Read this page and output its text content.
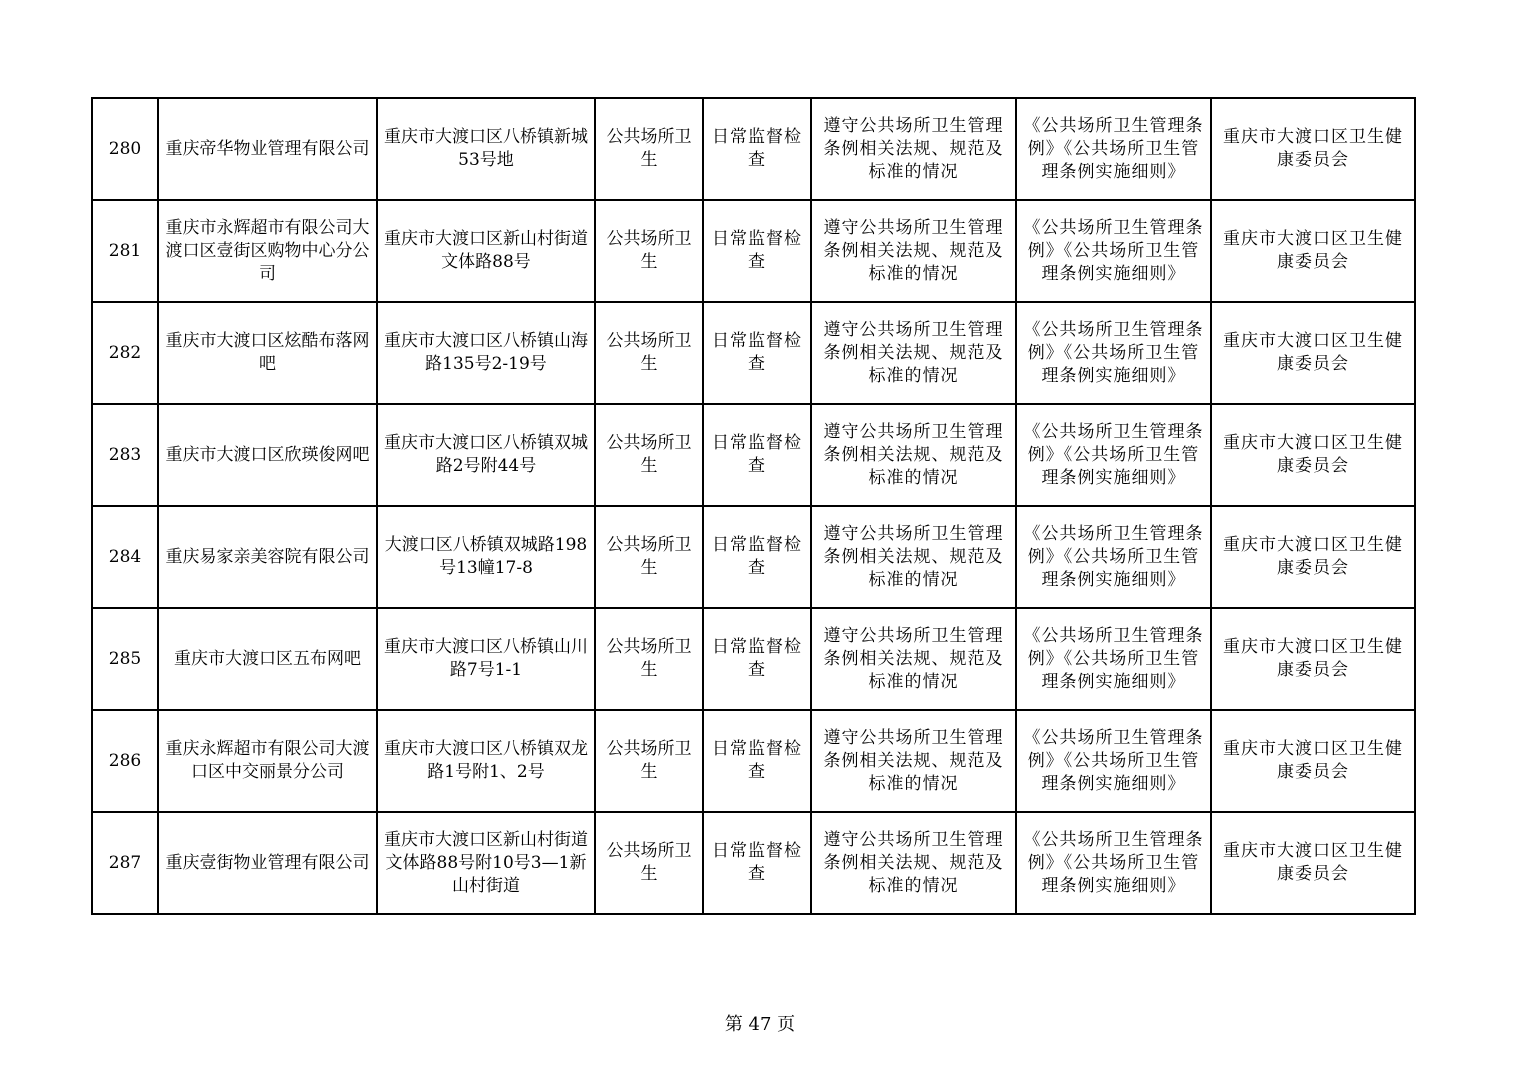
280	重庆帝华物业管理有限公司	重庆市大渡口区八桥镇新城53号地	公共场所卫生	日常监督检查	遵守公共场所卫生管理条例相关法规、规范及标准的情况	《公共场所卫生管理条例》《公共场所卫生管理条例实施细则》	重庆市大渡口区卫生健康委员会
281	重庆市永辉超市有限公司大渡口区壹街区购物中心分公司	重庆市大渡口区新山村街道文体路88号	公共场所卫生	日常监督检查	遵守公共场所卫生管理条例相关法规、规范及标准的情况	《公共场所卫生管理条例》《公共场所卫生管理条例实施细则》	重庆市大渡口区卫生健康委员会
282	重庆市大渡口区炫酷布落网吧	重庆市大渡口区八桥镇山海路135号2-19号	公共场所卫生	日常监督检查	遵守公共场所卫生管理条例相关法规、规范及标准的情况	《公共场所卫生管理条例》《公共场所卫生管理条例实施细则》	重庆市大渡口区卫生健康委员会
283	重庆市大渡口区欣瑛俊网吧	重庆市大渡口区八桥镇双城路2号附44号	公共场所卫生	日常监督检查	遵守公共场所卫生管理条例相关法规、规范及标准的情况	《公共场所卫生管理条例》《公共场所卫生管理条例实施细则》	重庆市大渡口区卫生健康委员会
284	重庆易家亲美容院有限公司	大渡口区八桥镇双城路198号13幢17-8	公共场所卫生	日常监督检查	遵守公共场所卫生管理条例相关法规、规范及标准的情况	《公共场所卫生管理条例》《公共场所卫生管理条例实施细则》	重庆市大渡口区卫生健康委员会
285	重庆市大渡口区五布网吧	重庆市大渡口区八桥镇山川路7号1-1	公共场所卫生	日常监督检查	遵守公共场所卫生管理条例相关法规、规范及标准的情况	《公共场所卫生管理条例》《公共场所卫生管理条例实施细则》	重庆市大渡口区卫生健康委员会
286	重庆永辉超市有限公司大渡口区中交丽景分公司	重庆市大渡口区八桥镇双龙路1号附1、2号	公共场所卫生	日常监督检查	遵守公共场所卫生管理条例相关法规、规范及标准的情况	《公共场所卫生管理条例》《公共场所卫生管理条例实施细则》	重庆市大渡口区卫生健康委员会
287	重庆壹街物业管理有限公司	重庆市大渡口区新山村街道文体路88号附10号3—1新山村街道	公共场所卫生	日常监督检查	遵守公共场所卫生管理条例相关法规、规范及标准的情况	《公共场所卫生管理条例》《公共场所卫生管理条例实施细则》	重庆市大渡口区卫生健康委员会
第 47 页
